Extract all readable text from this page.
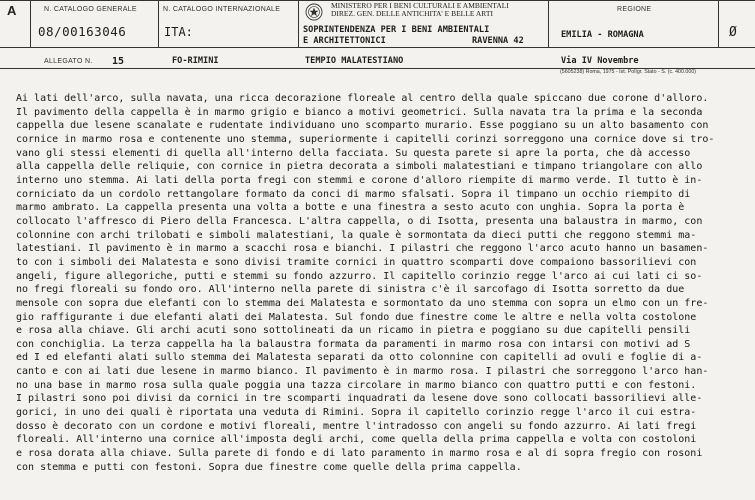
A	N. CATALOGO GENERALE
08/00163046
N. CATALOGO INTERNAZIONALE
ITA:
MINISTERO PER I BENI CULTURALI E AMBIENTALI
DIREZ. GEN. DELLE ANTICHITA' E BELLE ARTI
SOPRINTENDENZA PER I BENI AMBIENTALI
E ARCHITETTONICI	RAVENNA 42
REGIONE
EMILIA - ROMAGNA	Ø
ALLEGATO N. 15	FO-RIMINI	TEMPIO MALATESTIANO	Via IV Novembre
(5605238) Roma, 1975 - Ist. Polígr. Stato - S. (c. 400.000)
Ai lati dell'arco, sulla navata, una ricca decorazione floreale al centro della quale spiccano due corone d'alloro.
Il pavimento della cappella è in marmo grigio e bianco a motivi geometrici. Sulla navata tra la prima e la seconda
cappella due lesene scanalate e rudentate individuano uno scomparto murario. Esse poggiano su un alto basamento con
cornice in marmo rosa e contenente uno stemma, superiormente i capitelli corinzi sorreggono una cornice dove si tro-
vano gli stessi elementi di quella all'interno della facciata. Su questa parete si apre la porta, che dà accesso
alla cappella delle reliquie, con cornice in pietra decorata a simboli malatestiani e timpano triangolare con allo
interno uno stemma. Ai lati della porta fregi con stemmi e corone d'alloro riempite di marmo verde. Il tutto è in-
corniciato da un cordolo rettangolare formato da conci di marmo sfalsati. Sopra il timpano un occhio riempito di
marmo ambrato. La cappella presenta una volta a botte e una finestra a sesto acuto con unghia. Sopra la porta è
collocato l'affresco di Piero della Francesca. L'altra cappella, o di Isotta, presenta una balaustra in marmo, con
colonnine con archi trilobati e simboli malatestiani, la quale è sormontata da dieci putti che reggono stemmi ma-
latestiani. Il pavimento è in marmo a scacchi rosa e bianchi. I pilastri che reggono l'arco acuto hanno un basamen-
to con i simboli dei Malatesta e sono divisi tramite cornici in quattro scomparti dove compaiono bassorilievi con
angeli, figure allegoriche, putti e stemmi su fondo azzurro. Il capitello corinzio regge l'arco ai cui lati ci so-
no fregi floreali su fondo oro. All'interno nella parete di sinistra c'è il sarcofago di Isotta sorretto da due
mensole con sopra due elefanti con lo stemma dei Malatesta e sormontato da uno stemma con sopra un elmo con un fre-
gio raffigurante i due elefanti alati dei Malatesta. Sul fondo due finestre come le altre e nella volta costolone
e rosa alla chiave. Gli archi acuti sono sottolineati da un ricamo in pietra e poggiano su due capitelli pensili
con conchiglia. La terza cappella ha la balaustra formata da paramenti in marmo rosa con intarsi con motivi ad S
ed I ed elefanti alati sullo stemma dei Malatesta separati da otto colonnine con capitelli ad ovuli e foglie di a-
canto e con ai lati due lesene in marmo bianco. Il pavimento è in marmo rosa. I pilastri che sorreggono l'arco han-
no una base in marmo rosa sulla quale poggia una tazza circolare in marmo bianco con quattro putti e con festoni.
I pilastri sono poi divisi da cornici in tre scomparti inquadrati da lesene dove sono collocati bassorilievi alle-
gorici, in uno dei quali è riportata una veduta di Rimini. Sopra il capitello corinzio regge l'arco il cui estra-
dosso è decorato con un cordone e motivi floreali, mentre l'intradosso con angeli su fondo azzurro. Ai lati fregi
floreali. All'interno una cornice all'imposta degli archi, come quella della prima cappella e volta con costoloni
e rosa dorata alla chiave. Sulla parete di fondo e di lato paramento in marmo rosa e al di sopra fregio con rosoni
con stemma e putti con festoni. Sopra due finestre come quelle della prima cappella.
